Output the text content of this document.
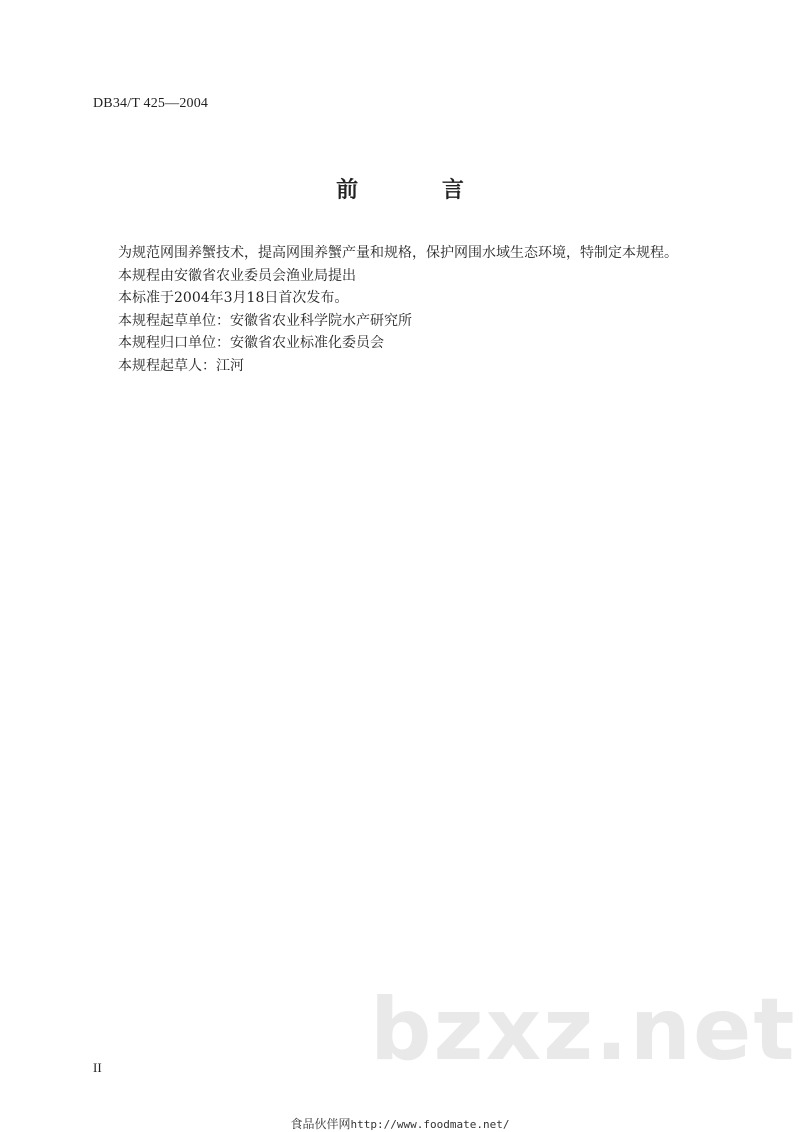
DB34/T 425—2004
前 言
为规范网围养蟹技术，提高网围养蟹产量和规格，保护网围水域生态环境，特制定本规程。
本规程由安徽省农业委员会渔业局提出
本标准于2004年3月18日首次发布。
本规程起草单位：安徽省农业科学院水产研究所
本规程归口单位：安徽省农业标准化委员会
本规程起草人：江河
bzxz.net
II
食品伙伴网http://www.foodmate.net/
